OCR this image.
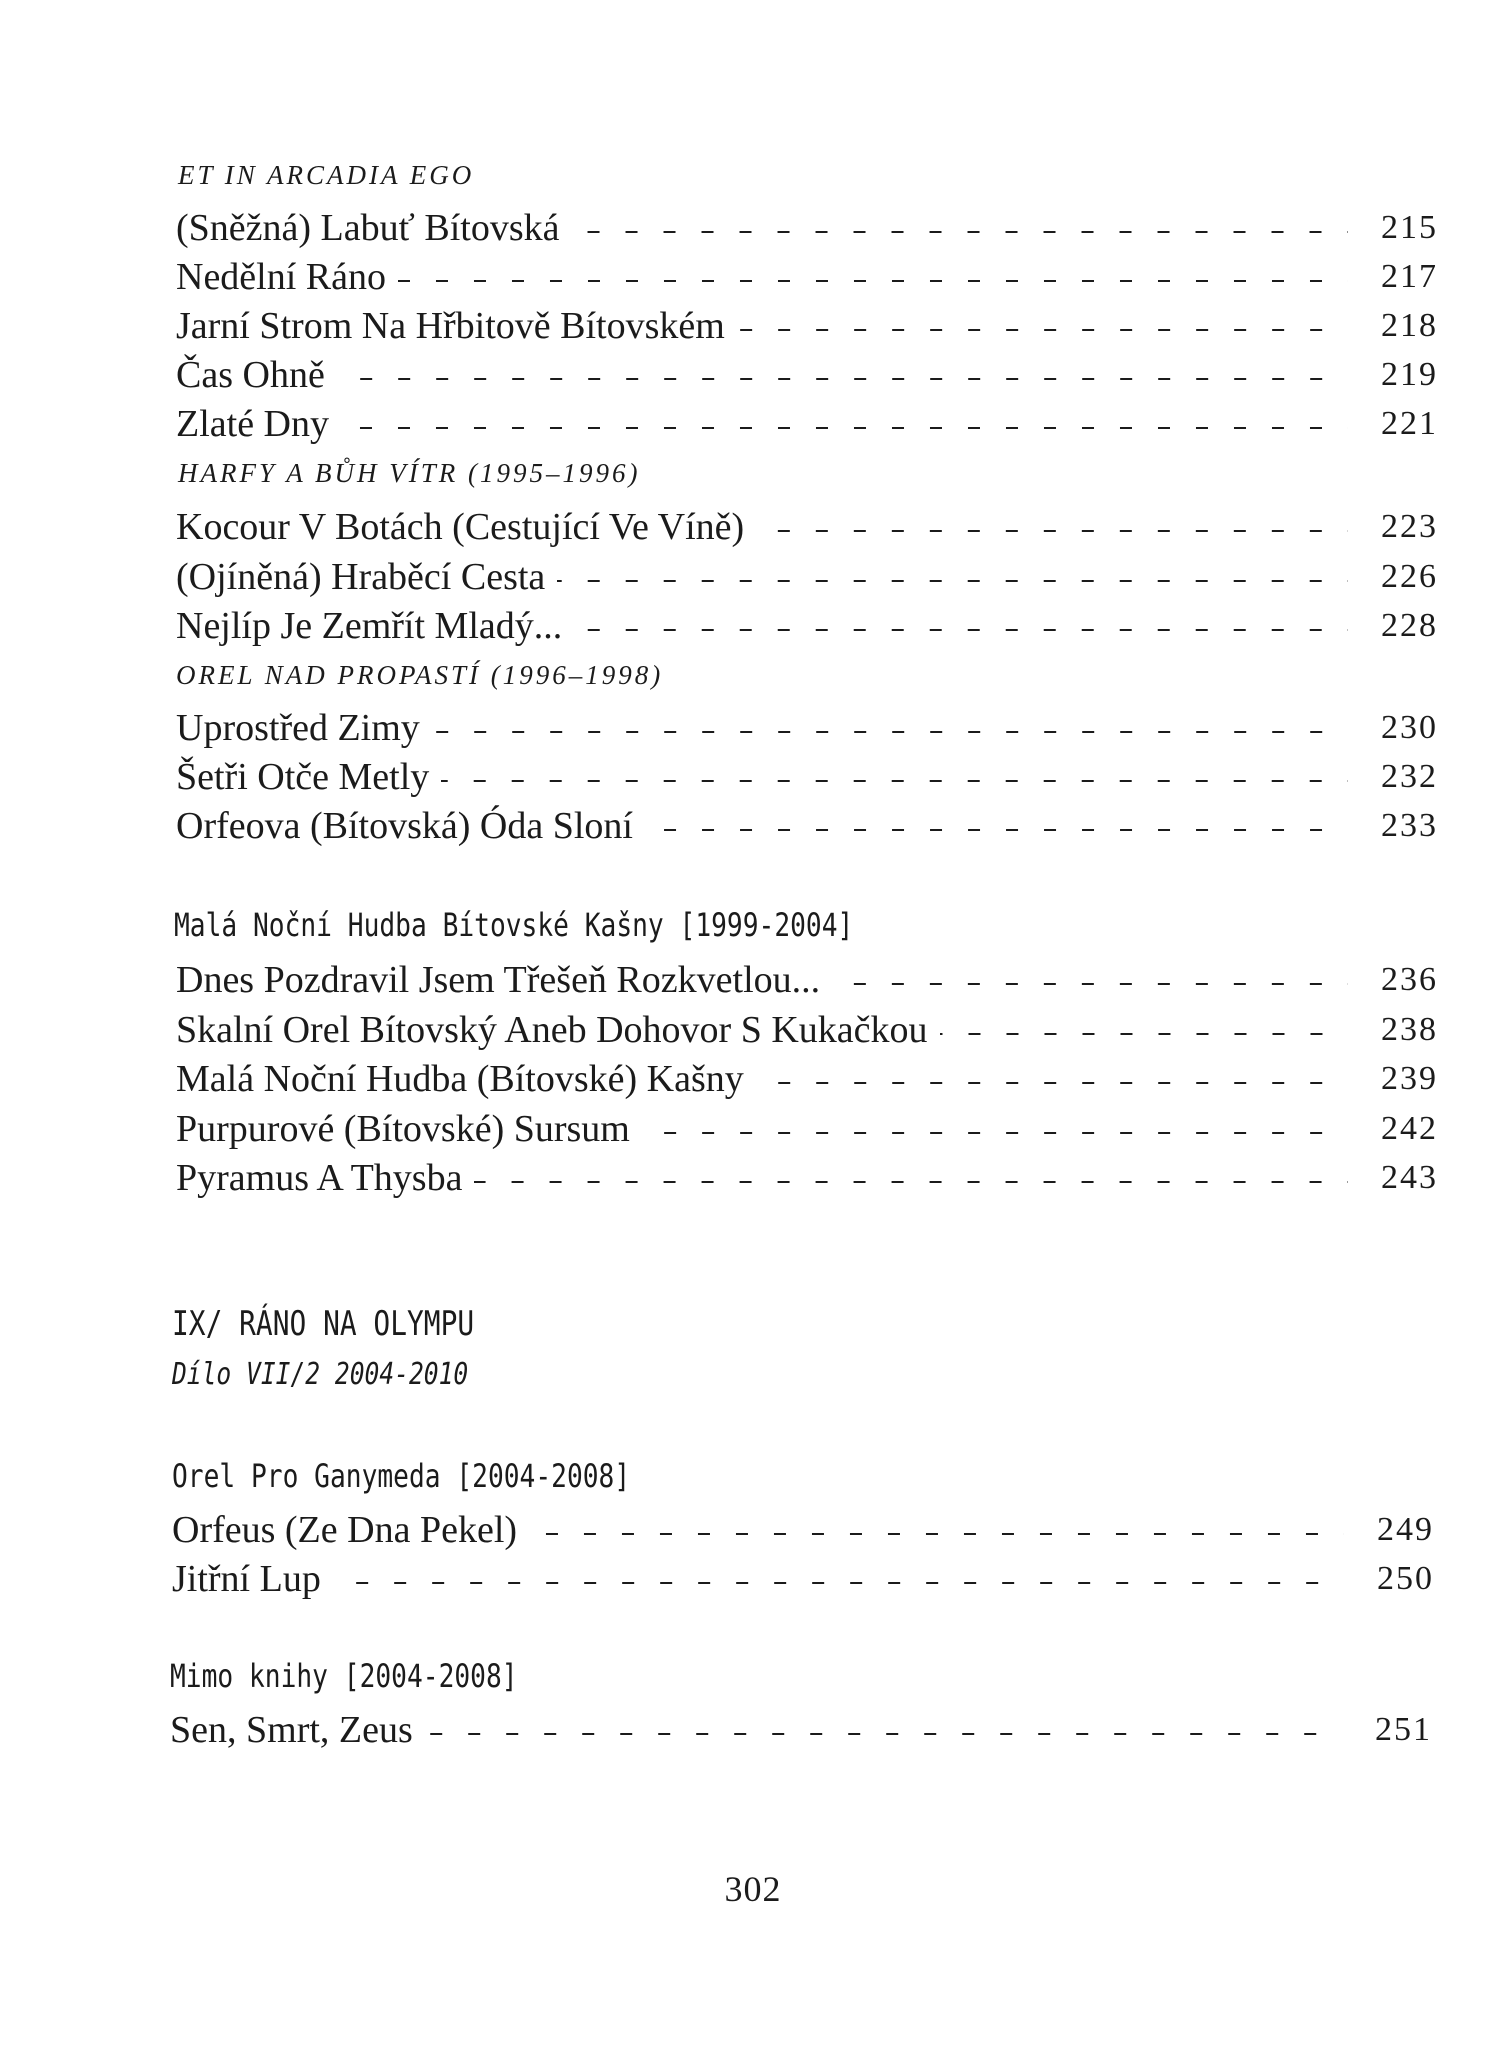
ET IN ARCADIA EGO
(Sněžná) Labuť Bítovská	215
Nedělní Ráno	217
Jarní Strom Na Hřbitově Bítovském	218
Čas Ohně	219
Zlaté Dny	221
HARFY A BŮH VÍTR (1995–1996)
Kocour V Botách (Cestující Ve Víně)	223
(Ojíněná) Hraběcí Cesta	226
Nejlíp Je Zemřít Mladý...	228
OREL NAD PROPASTÍ (1996–1998)
Uprostřed Zimy	230
Šetři Otče Metly	232
Orfeova (Bítovská) Óda Sloní	233
Malá Noční Hudba Bítovské Kašny [1999-2004]
Dnes Pozdravil Jsem Třešeň Rozkvetlou...	236
Skalní Orel Bítovský Aneb Dohovor S Kukačkou	238
Malá Noční Hudba (Bítovské) Kašny	239
Purpurové (Bítovské) Sursum	242
Pyramus A Thysba	243
IX/ RÁNO NA OLYMPU
Dílo VII/2 2004-2010
Orel Pro Ganymeda [2004-2008]
Orfeus (Ze Dna Pekel)	249
Jitřní Lup	250
Mimo knihy [2004-2008]
Sen, Smrt, Zeus	251
302
